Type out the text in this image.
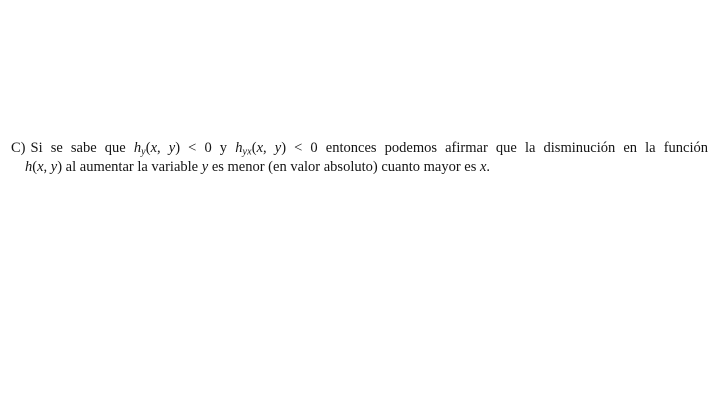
C) Si se sabe que hy(x, y) < 0 y hyx(x, y) < 0 entonces podemos afirmar que la disminución en la función
h(x, y) al aumentar la variable y es menor (en valor absoluto) cuanto mayor es x.
